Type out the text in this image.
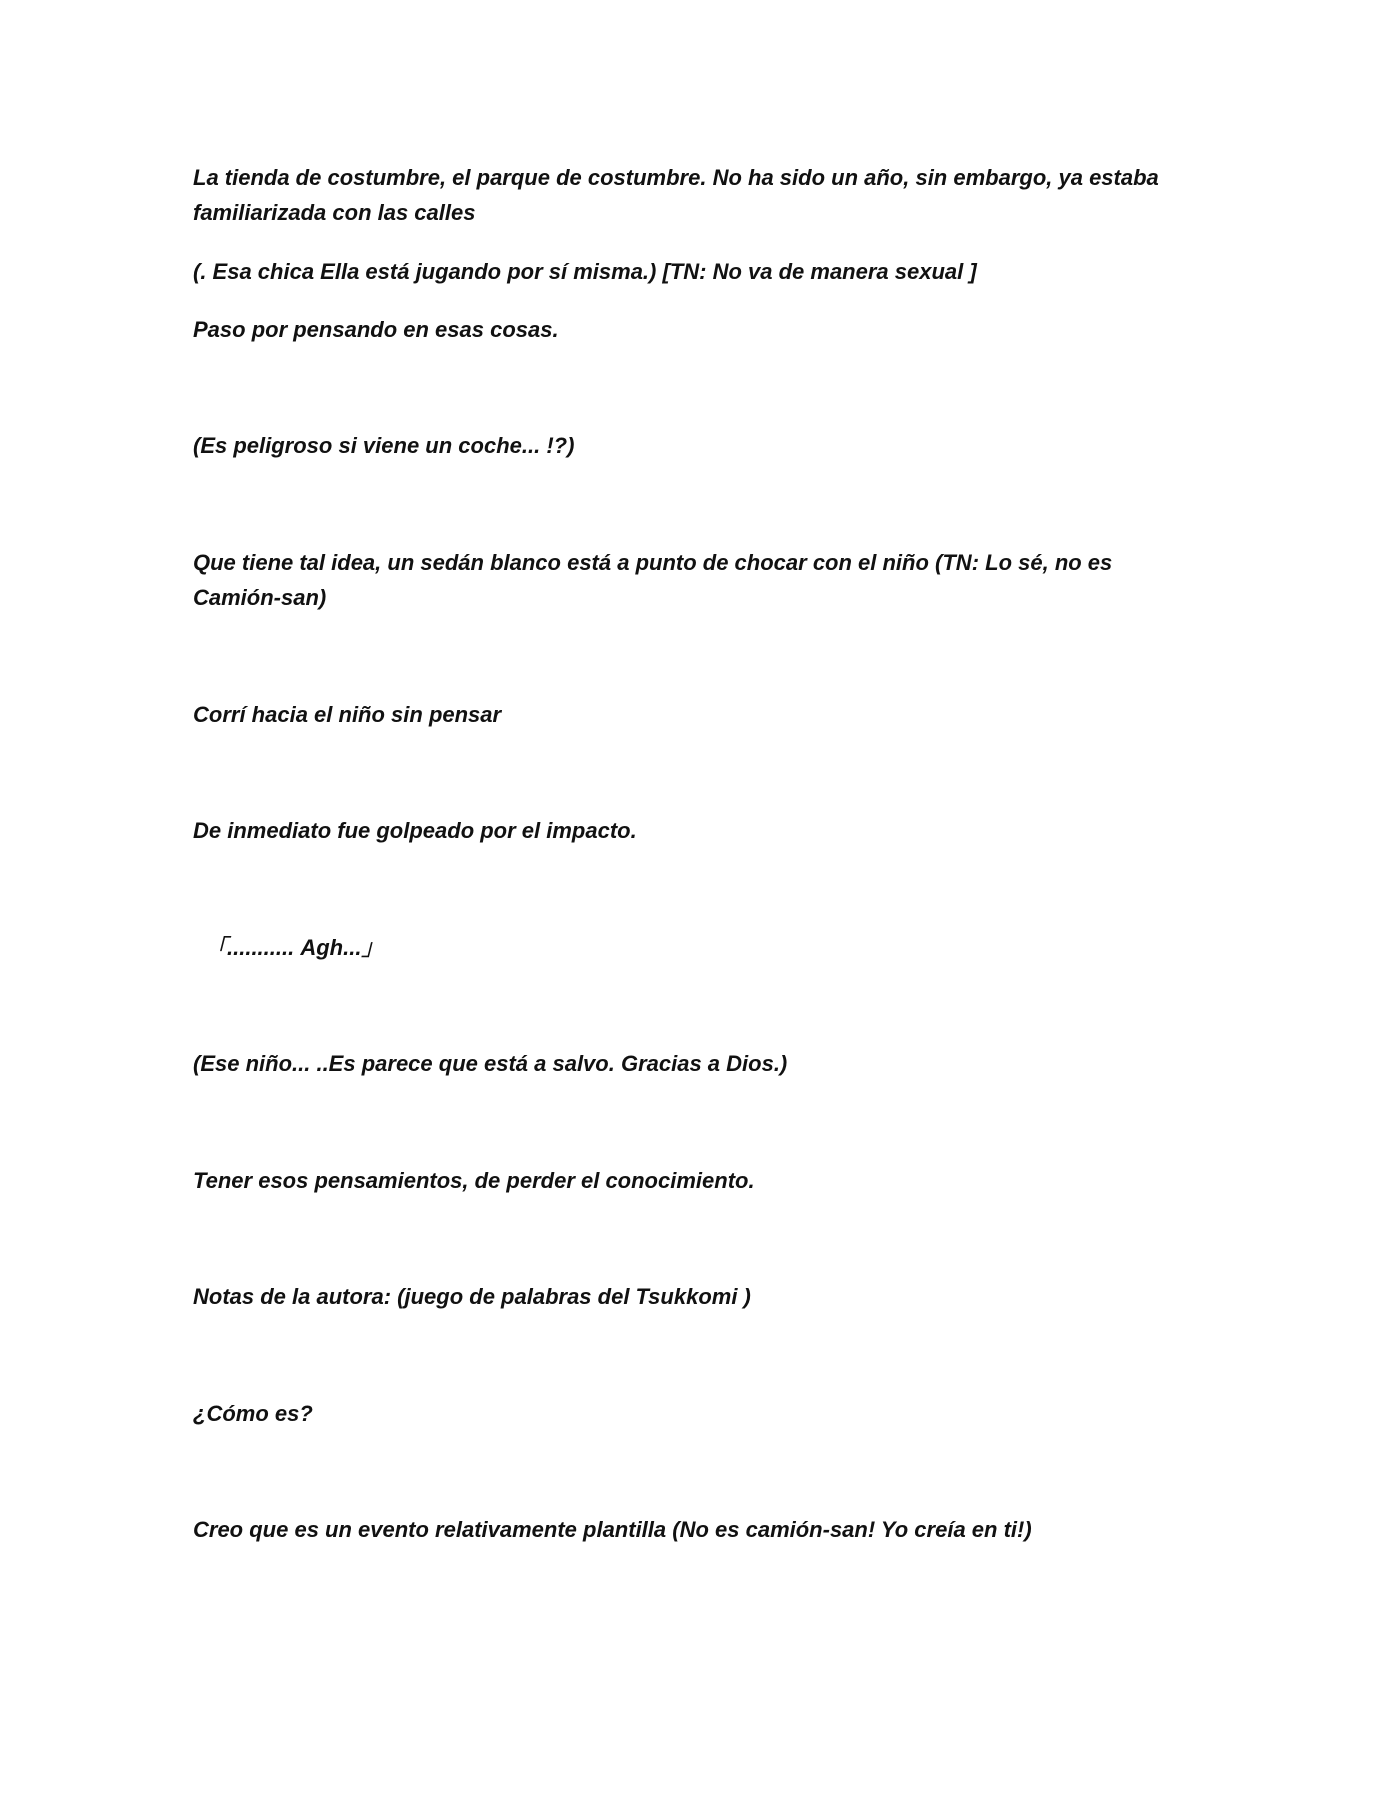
La tienda de costumbre, el parque de costumbre. No ha sido un año, sin embargo, ya estaba familiarizada con las calles

(. Esa chica Ella está jugando por sí misma.) [TN: No va de manera sexual ]

Paso por pensando en esas cosas.

(Es peligroso si viene un coche... !?)

Que tiene tal idea, un sedán blanco está a punto de chocar con el niño (TN: Lo sé, no es Camión-san)

Corrí hacia el niño sin pensar

De inmediato fue golpeado por el impacto.

「........... Agh...」

(Ese niño... ..Es parece que está a salvo. Gracias a Dios.)

Tener esos pensamientos, de perder el conocimiento.

Notas de la autora: (juego de palabras del Tsukkomi )

¿Cómo es?

Creo que es un evento relativamente plantilla (No es camión-san! Yo creía en ti!)
